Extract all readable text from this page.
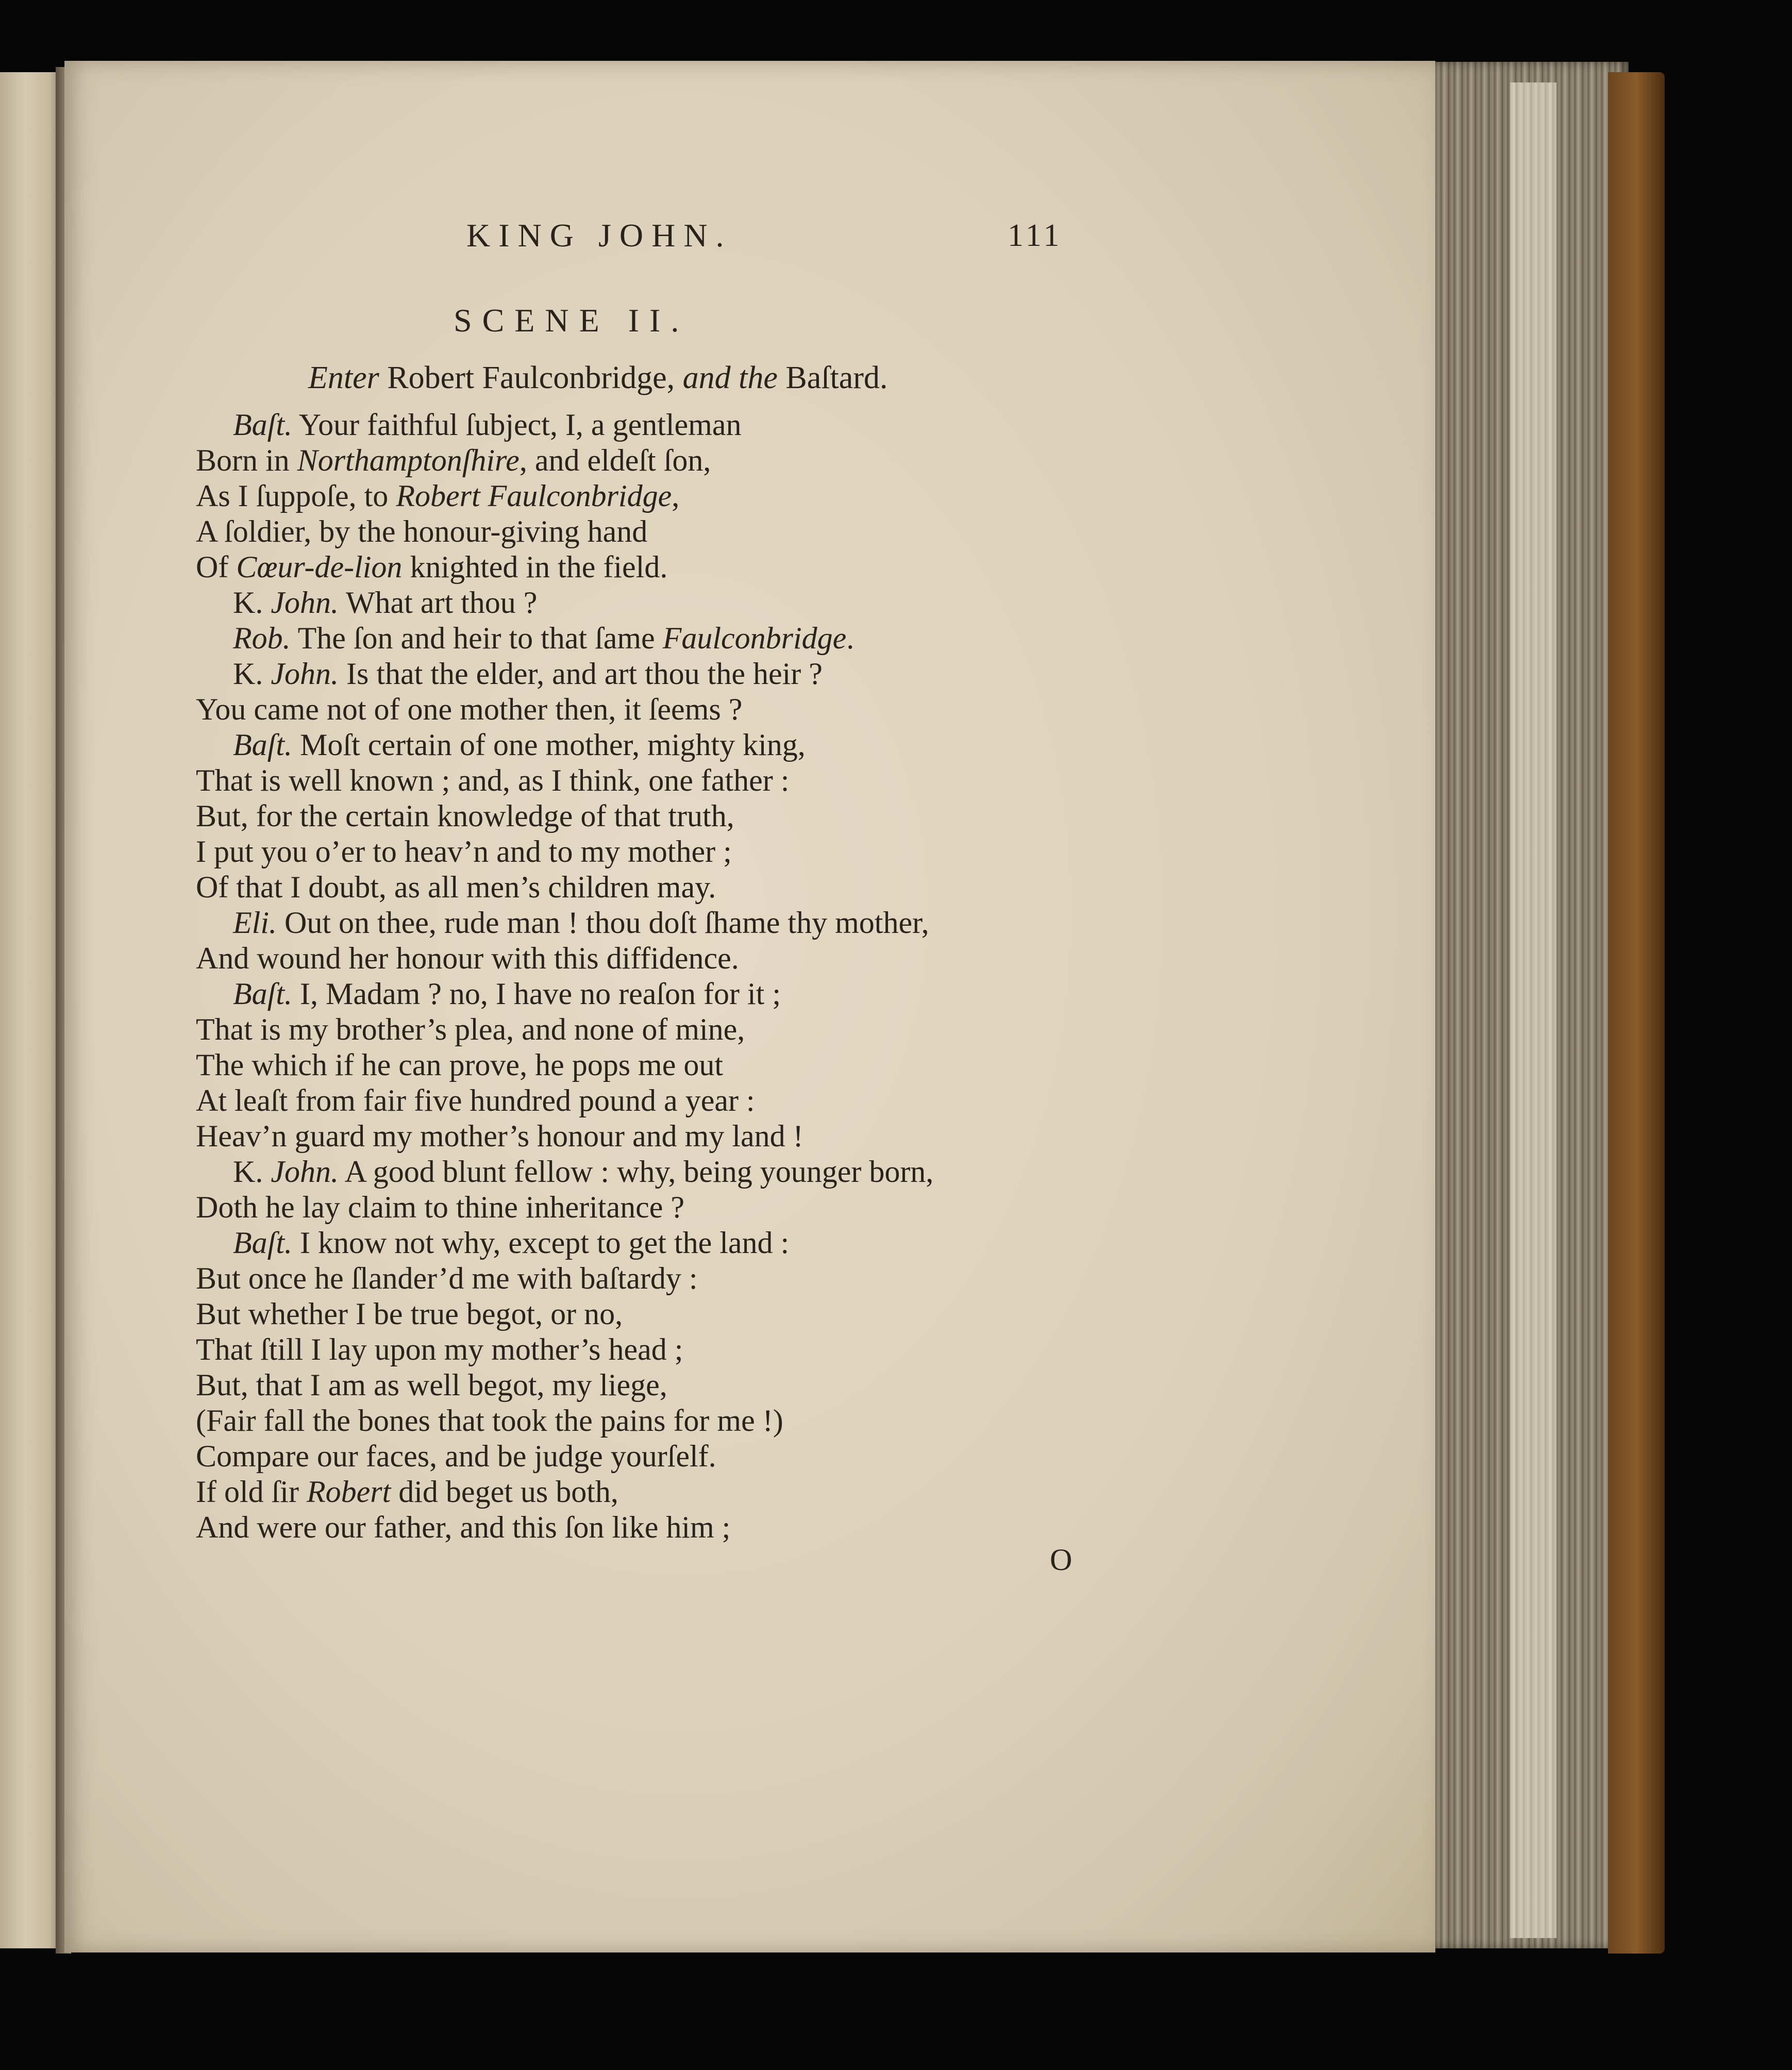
KING JOHN.	111
SCENE II.
Enter Robert Faulconbridge, and the Baſtard.
Baſt. Your faithful ſubject, I, a gentleman
Born in Northamptonſhire, and eldeſt ſon,
As I ſuppoſe, to Robert Faulconbridge,
A ſoldier, by the honour-giving hand
Of Cœur-de-lion knighted in the field.
K. John. What art thou ?
Rob. The ſon and heir to that ſame Faulconbridge.
K. John. Is that the elder, and art thou the heir ?
You came not of one mother then, it ſeems ?
Baſt. Moſt certain of one mother, mighty king,
That is well known ; and, as I think, one father :
But, for the certain knowledge of that truth,
I put you o’er to heav’n and to my mother ;
Of that I doubt, as all men’s children may.
Eli. Out on thee, rude man ! thou doſt ſhame thy mother,
And wound her honour with this diffidence.
Baſt. I, Madam ? no, I have no reaſon for it ;
That is my brother’s plea, and none of mine,
The which if he can prove, he pops me out
At leaſt from fair five hundred pound a year :
Heav’n guard my mother’s honour and my land !
K. John. A good blunt fellow : why, being younger born,
Doth he lay claim to thine inheritance ?
Baſt. I know not why, except to get the land :
But once he ſlander’d me with baſtardy :
But whether I be true begot, or no,
That ſtill I lay upon my mother’s head ;
But, that I am as well begot, my liege,
(Fair fall the bones that took the pains for me !)
Compare our faces, and be judge yourſelf.
If old ſir Robert did beget us both,
And were our father, and this ſon like him ;
O
